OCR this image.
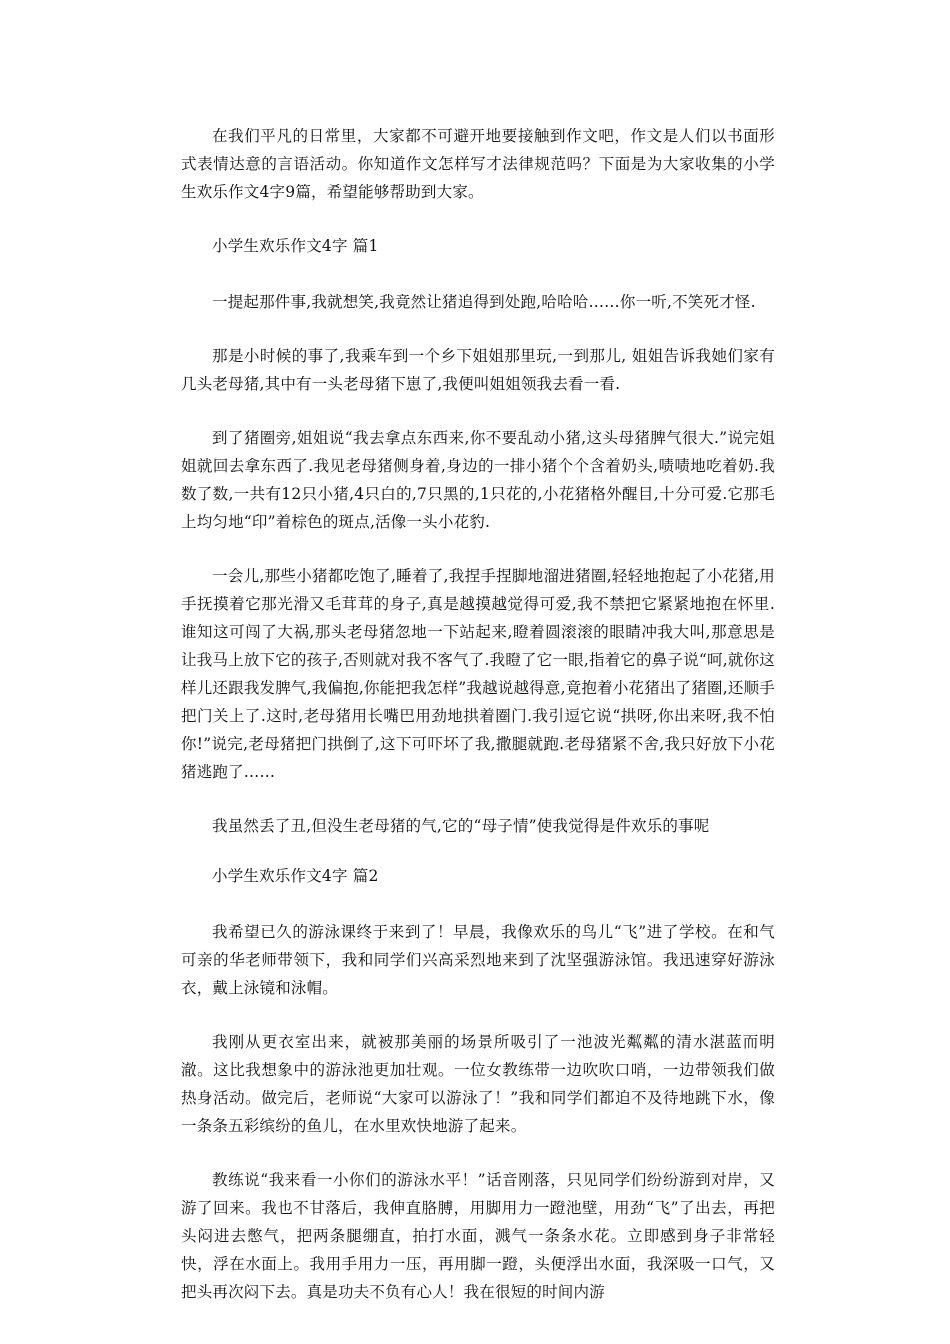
在我们平凡的日常里，大家都不可避开地要接触到作文吧，作文是人们以书面形式表情达意的言语活动。你知道作文怎样写才法律规范吗？下面是为大家收集的小学生欢乐作文4字9篇，希望能够帮助到大家。

小学生欢乐作文4字 篇1

一提起那件事,我就想笑,我竟然让猪追得到处跑,哈哈哈……你一听,不笑死才怪.

那是小时候的事了,我乘车到一个乡下姐姐那里玩,一到那儿, 姐姐告诉我她们家有几头老母猪,其中有一头老母猪下崽了,我便叫姐姐领我去看一看.

到了猪圈旁,姐姐说“我去拿点东西来,你不要乱动小猪,这头母猪脾气很大.”说完姐姐就回去拿东西了.我见老母猪侧身着,身边的一排小猪个个含着奶头,啧啧地吃着奶.我数了数,一共有12只小猪,4只白的,7只黑的,1只花的,小花猪格外醒目,十分可爱.它那毛上均匀地“印”着棕色的斑点,活像一头小花豹.

一会儿,那些小猪都吃饱了,睡着了,我捏手捏脚地溜进猪圈,轻轻地抱起了小花猪,用手抚摸着它那光滑又毛茸茸的身子,真是越摸越觉得可爱,我不禁把它紧紧地抱在怀里.谁知这可闯了大祸,那头老母猪忽地一下站起来,瞪着圆滚滚的眼睛冲我大叫,那意思是让我马上放下它的孩子,否则就对我不客气了.我瞪了它一眼,指着它的鼻子说“呵,就你这样儿还跟我发脾气,我偏抱,你能把我怎样”我越说越得意,竟抱着小花猪出了猪圈,还顺手把门关上了.这时,老母猪用长嘴巴用劲地拱着圈门.我引逗它说“拱呀,你出来呀,我不怕你!”说完,老母猪把门拱倒了,这下可吓坏了我,撒腿就跑.老母猪紧不舍,我只好放下小花猪逃跑了……

我虽然丢了丑,但没生老母猪的气,它的“母子情”使我觉得是件欢乐的事呢

小学生欢乐作文4字 篇2

我希望已久的游泳课终于来到了！早晨，我像欢乐的鸟儿“飞”进了学校。在和气可亲的华老师带领下，我和同学们兴高采烈地来到了沈坚强游泳馆。我迅速穿好游泳衣，戴上泳镜和泳帽。

我刚从更衣室出来，就被那美丽的场景所吸引了一池波光粼粼的清水湛蓝而明澈。这比我想象中的游泳池更加壮观。一位女教练带一边吹吹口哨，一边带领我们做热身活动。做完后，老师说“大家可以游泳了！”我和同学们都迫不及待地跳下水，像一条条五彩缤纷的鱼儿，在水里欢快地游了起来。

教练说“我来看一小你们的游泳水平！”话音刚落，只见同学们纷纷游到对岸，又游了回来。我也不甘落后，我伸直胳膊，用脚用力一蹬池壁，用劲“飞”了出去，再把头闷进去憋气，把两条腿绷直，拍打水面，溅气一条条水花。立即感到身子非常轻快，浮在水面上。我用手用力一压，再用脚一蹬，头便浮出水面，我深吸一口气，又把头再次闷下去。真是功夫不负有心人！我在很短的时间内游
